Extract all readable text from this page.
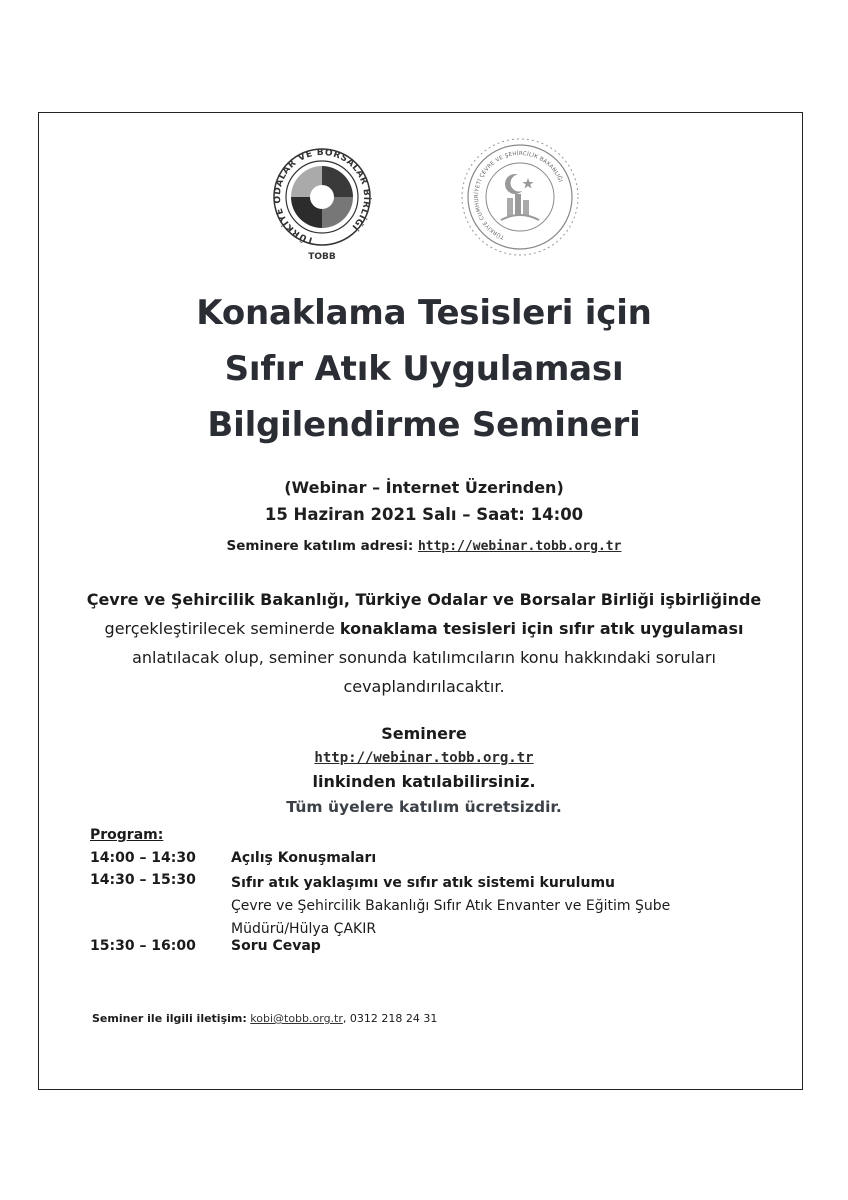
TÜRKİYE ODALAR VE BORSALAR BİRLİĞİ
TOBB
TÜRKİYE CUMHURİYETİ ÇEVRE VE ŞEHİRCİLİK BAKANLIĞI
Konaklama Tesisleri için
Sıfır Atık Uygulaması
Bilgilendirme Semineri
(Webinar – İnternet Üzerinden)
15 Haziran 2021 Salı – Saat: 14:00
Seminere katılım adresi: http://webinar.tobb.org.tr
Çevre ve Şehircilik Bakanlığı, Türkiye Odalar ve Borsalar Birliği işbirliğinde
gerçekleştirilecek seminerde konaklama tesisleri için sıfır atık uygulaması
anlatılacak olup, seminer sonunda katılımcıların konu hakkındaki soruları
cevaplandırılacaktır.
Seminere
http://webinar.tobb.org.tr
linkinden katılabilirsiniz.
Tüm üyelere katılım ücretsizdir.
Program:
14:00 – 14:30	Açılış Konuşmaları
14:30 – 15:30	Sıfır atık yaklaşımı ve sıfır atık sistemi kurulumu
Çevre ve Şehircilik Bakanlığı Sıfır Atık Envanter ve Eğitim Şube
Müdürü/Hülya ÇAKIR
15:30 – 16:00	Soru Cevap
Seminer ile ilgili iletişim: kobi@tobb.org.tr, 0312 218 24 31
